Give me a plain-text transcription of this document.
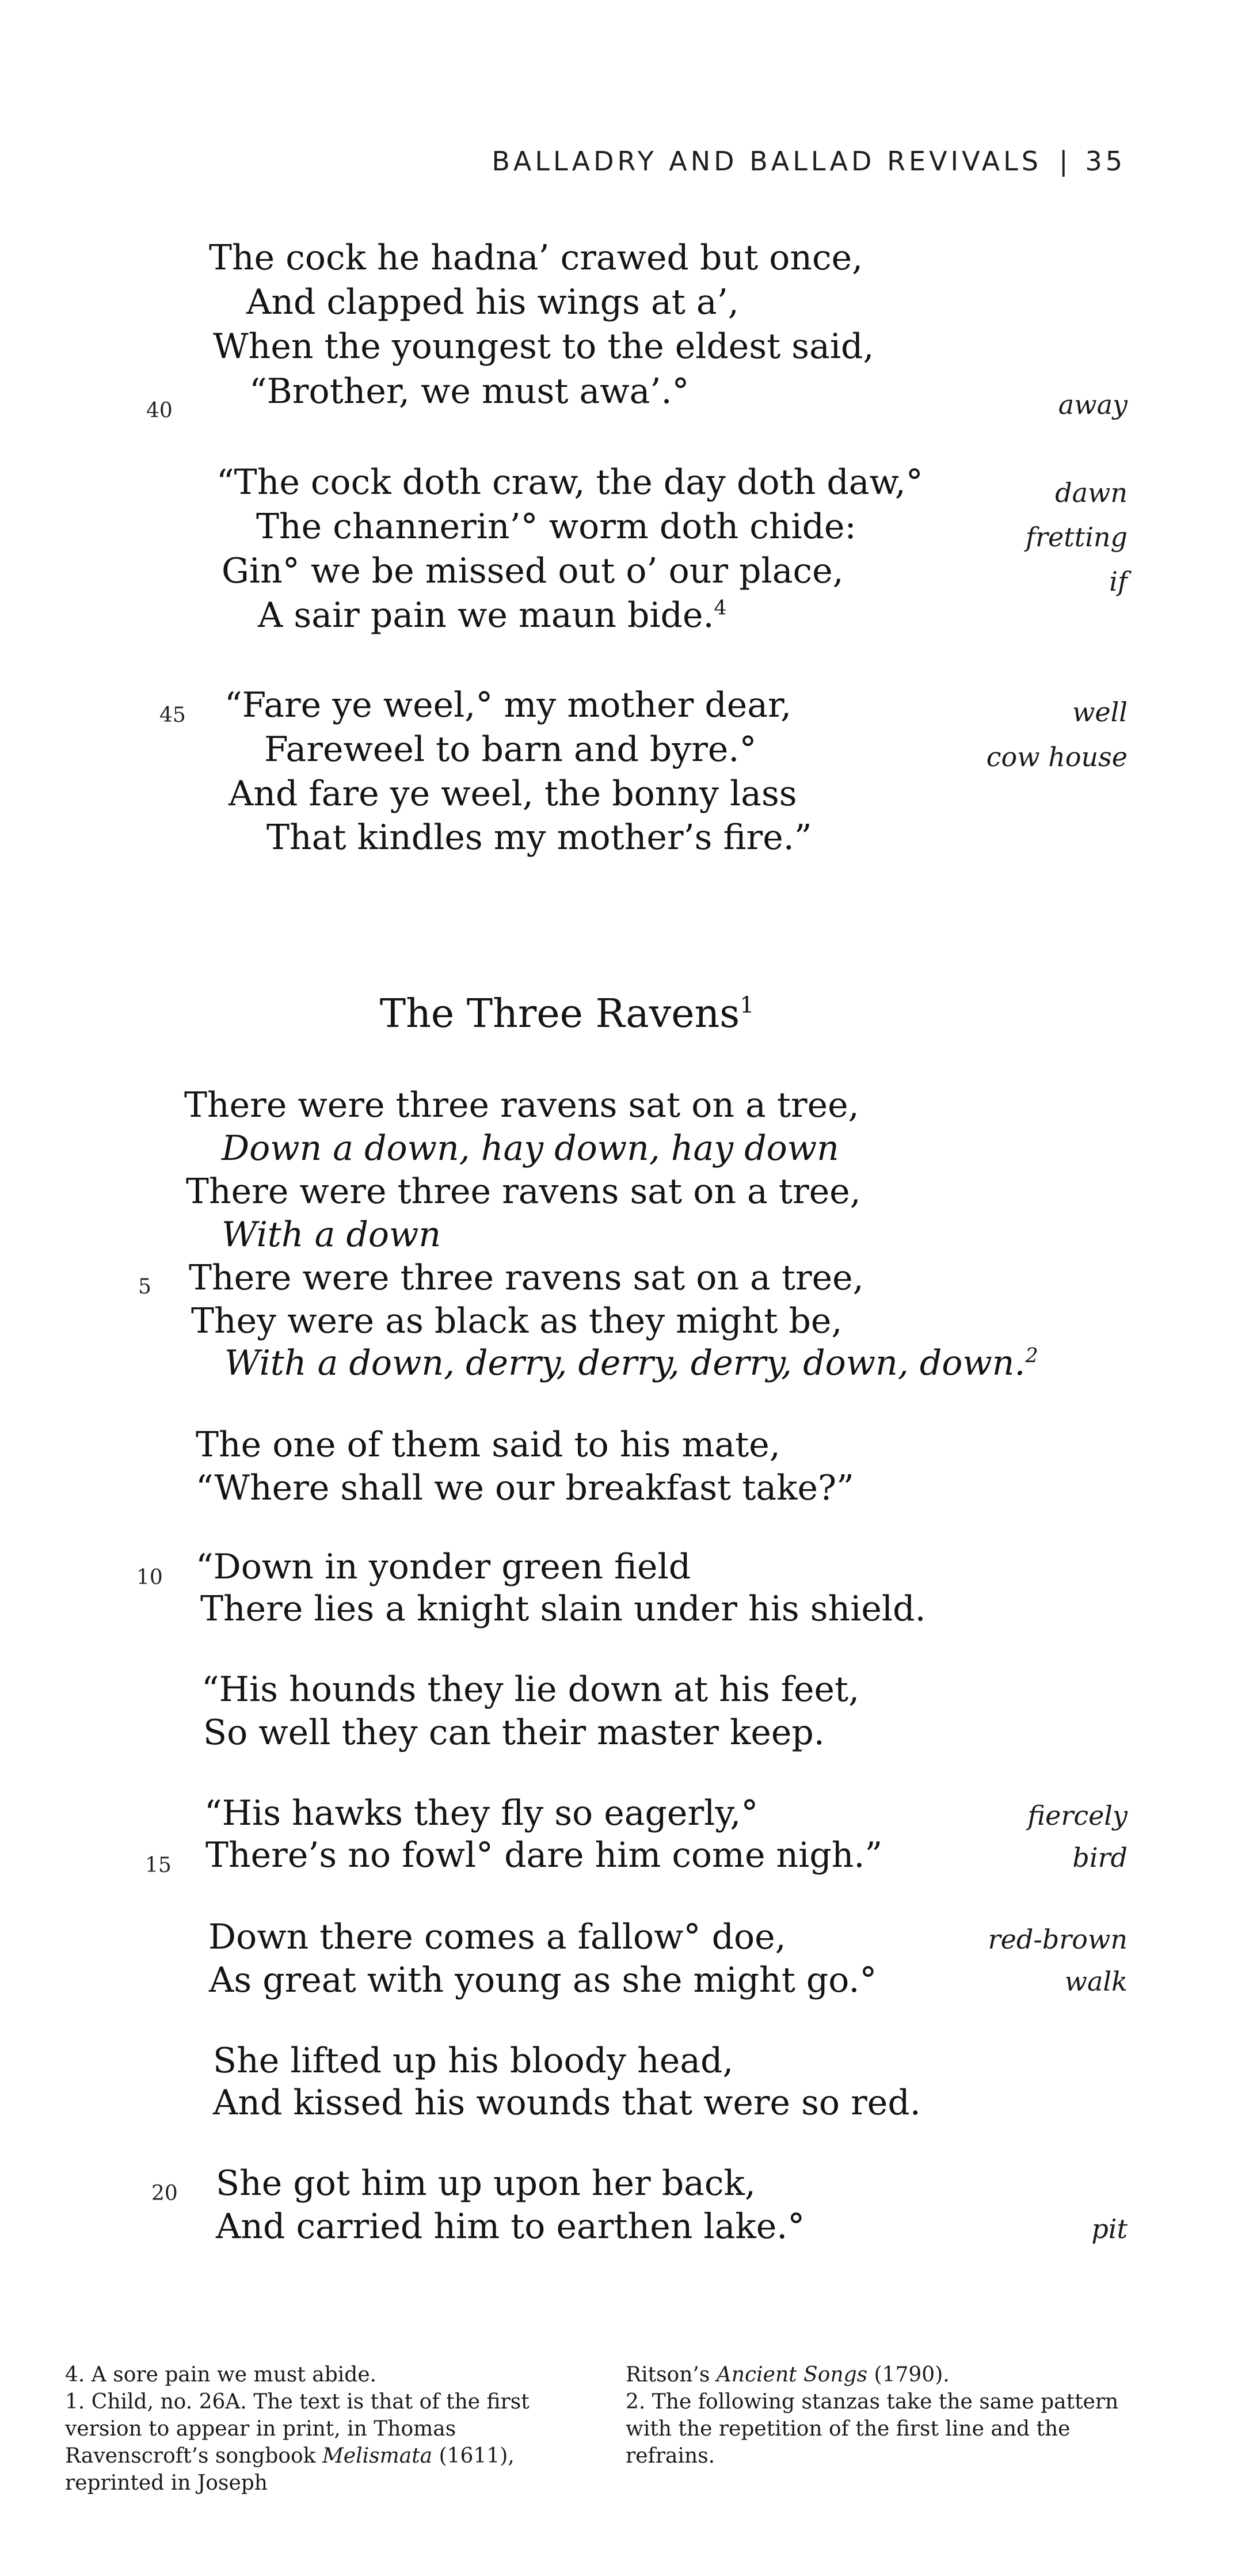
BALLADRY AND BALLAD REVIVALS | 35
The cock he hadna’ crawed but once,
And clapped his wings at a’,
When the youngest to the eldest said,
40 “Brother, we must awa’.°	away
“The cock doth craw, the day doth daw,°	dawn
The channerin’° worm doth chide:	fretting
Gin° we be missed out o’ our place,	if
A sair pain we maun bide.$^4$
45 “Fare ye weel,° my mother dear,	well
Fareweel to barn and byre.°	cow house
And fare ye weel, the bonny lass
That kindles my mother’s fire.”
The Three Ravens$^1$
There were three ravens sat on a tree,
Down a down, hay down, hay down
There were three ravens sat on a tree,
With a down
5 There were three ravens sat on a tree,
They were as black as they might be,
With a down, derry, derry, derry, down, down.$^2$
The one of them said to his mate,
“Where shall we our breakfast take?”
10 “Down in yonder green field
There lies a knight slain under his shield.
“His hounds they lie down at his feet,
So well they can their master keep.
“His hawks they fly so eagerly,°	fiercely
15 There’s no fowl° dare him come nigh.”	bird
Down there comes a fallow° doe,	red-brown
As great with young as she might go.°	walk
She lifted up his bloody head,
And kissed his wounds that were so red.
20 She got him up upon her back,
And carried him to earthen lake.°	pit

4. A sore pain we must abide.

1. Child, no. 26A. The text is that of the first version to appear in print, in Thomas Ravenscroft’s songbook Melismata (1611), reprinted in Joseph

Ritson’s Ancient Songs (1790).

2. The following stanzas take the same pattern with the repetition of the first line and the refrains.
